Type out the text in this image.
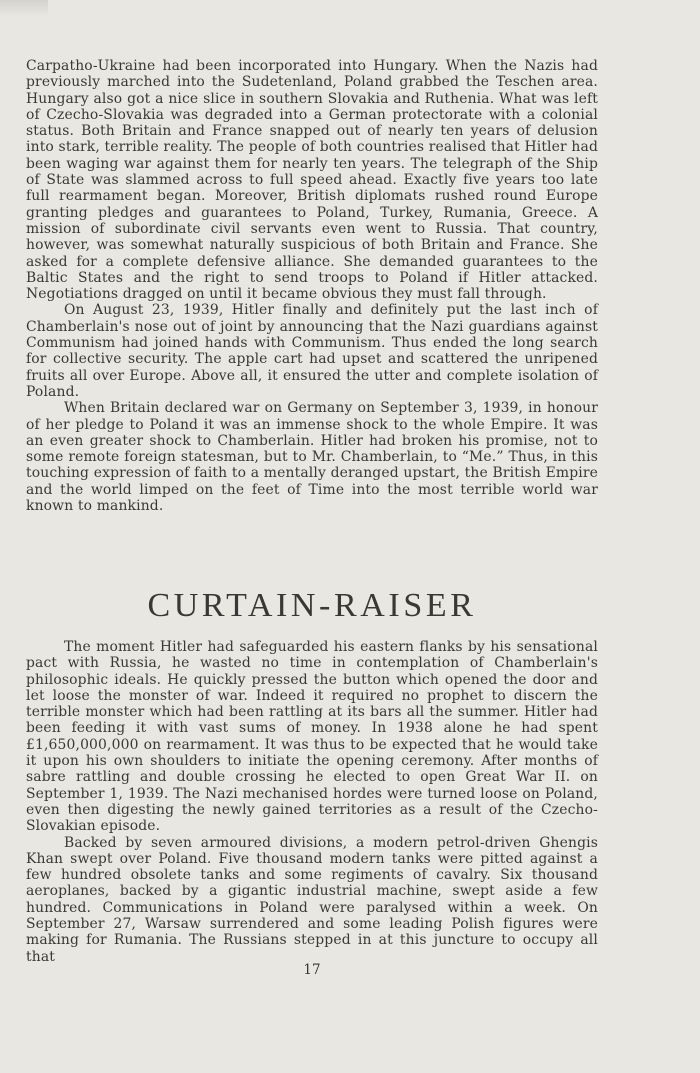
Carpatho-Ukraine had been incorporated into Hungary. When the Nazis had previously marched into the Sudetenland, Poland grabbed the Teschen area. Hungary also got a nice slice in southern Slovakia and Ruthenia. What was left of Czecho-Slovakia was degraded into a German protectorate with a colonial status. Both Britain and France snapped out of nearly ten years of delusion into stark, terrible reality. The people of both countries realised that Hitler had been waging war against them for nearly ten years. The telegraph of the Ship of State was slammed across to full speed ahead. Exactly five years too late full rearmament began. Moreover, British diplomats rushed round Europe granting pledges and guarantees to Poland, Turkey, Rumania, Greece. A mission of subordinate civil servants even went to Russia. That country, however, was somewhat naturally suspicious of both Britain and France. She asked for a complete defensive alliance. She demanded guarantees to the Baltic States and the right to send troops to Poland if Hitler attacked. Negotiations dragged on until it became obvious they must fall through.

On August 23, 1939, Hitler finally and definitely put the last inch of Chamberlain's nose out of joint by announcing that the Nazi guardians against Communism had joined hands with Communism. Thus ended the long search for collective security. The apple cart had upset and scattered the unripened fruits all over Europe. Above all, it ensured the utter and complete isolation of Poland.

When Britain declared war on Germany on September 3, 1939, in honour of her pledge to Poland it was an immense shock to the whole Empire. It was an even greater shock to Chamberlain. Hitler had broken his promise, not to some remote foreign statesman, but to Mr. Chamberlain, to “Me.” Thus, in this touching expression of faith to a mentally deranged upstart, the British Empire and the world limped on the feet of Time into the most terrible world war known to mankind.

CURTAIN-RAISER

The moment Hitler had safeguarded his eastern flanks by his sensational pact with Russia, he wasted no time in contemplation of Chamberlain's philosophic ideals. He quickly pressed the button which opened the door and let loose the monster of war. Indeed it required no prophet to discern the terrible monster which had been rattling at its bars all the summer. Hitler had been feeding it with vast sums of money. In 1938 alone he had spent £1,650,000,000 on rearmament. It was thus to be expected that he would take it upon his own shoulders to initiate the opening ceremony. After months of sabre rattling and double crossing he elected to open Great War II. on September 1, 1939. The Nazi mechanised hordes were turned loose on Poland, even then digesting the newly gained territories as a result of the Czecho-Slovakian episode.

Backed by seven armoured divisions, a modern petrol-driven Ghengis Khan swept over Poland. Five thousand modern tanks were pitted against a few hundred obsolete tanks and some regiments of cavalry. Six thousand aeroplanes, backed by a gigantic industrial machine, swept aside a few hundred. Communications in Poland were paralysed within a week. On September 27, Warsaw surrendered and some leading Polish figures were making for Rumania. The Russians stepped in at this juncture to occupy all that

17
